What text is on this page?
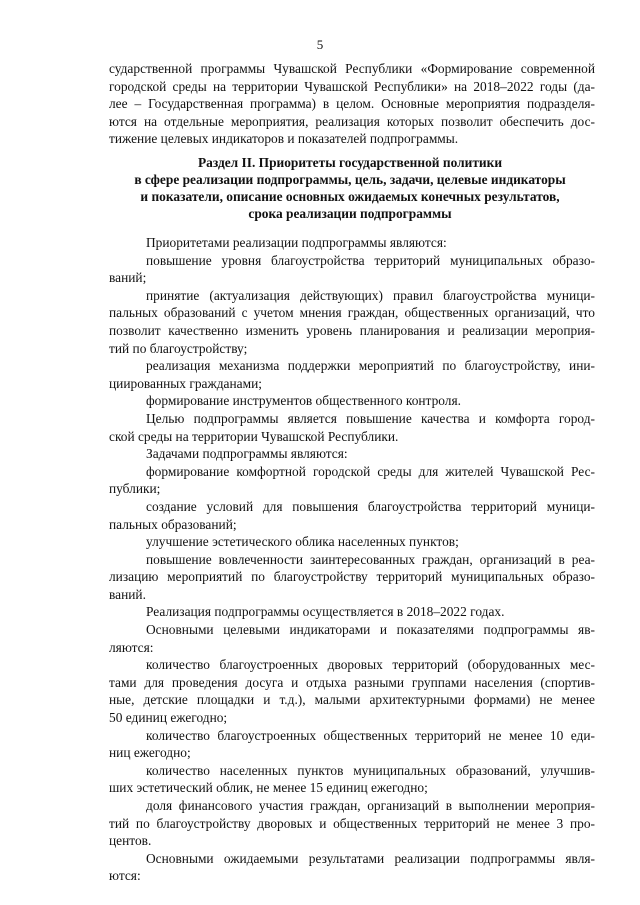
5
сударственной программы Чувашской Республики «Формирование современной
городской среды на территории Чувашской Республики» на 2018–2022 годы (да-
лее – Государственная программа) в целом. Основные мероприятия подразделя-
ются на отдельные мероприятия, реализация которых позволит обеспечить дос-
тижение целевых индикаторов и показателей подпрограммы.
Раздел II. Приоритеты государственной политики
в сфере реализации подпрограммы, цель, задачи, целевые индикаторы
и показатели, описание основных ожидаемых конечных результатов,
срока реализации подпрограммы
Приоритетами реализации подпрограммы являются:
повышение уровня благоустройства территорий муниципальных образо-
ваний;
принятие (актуализация действующих) правил благоустройства муници-
пальных образований с учетом мнения граждан, общественных организаций, что
позволит качественно изменить уровень планирования и реализации мероприя-
тий по благоустройству;
реализация механизма поддержки мероприятий по благоустройству, ини-
циированных гражданами;
формирование инструментов общественного контроля.
Целью подпрограммы является повышение качества и комфорта город-
ской среды на территории Чувашской Республики.
Задачами подпрограммы являются:
формирование комфортной городской среды для жителей Чувашской Рес-
публики;
создание условий для повышения благоустройства территорий муници-
пальных образований;
улучшение эстетического облика населенных пунктов;
повышение вовлеченности заинтересованных граждан, организаций в реа-
лизацию мероприятий по благоустройству территорий муниципальных образо-
ваний.
Реализация подпрограммы осуществляется в 2018–2022 годах.
Основными целевыми индикаторами и показателями подпрограммы яв-
ляются:
количество благоустроенных дворовых территорий (оборудованных мес-
тами для проведения досуга и отдыха разными группами населения (спортив-
ные, детские площадки и т.д.), малыми архитектурными формами) не менее
50 единиц ежегодно;
количество благоустроенных общественных территорий не менее 10 еди-
ниц ежегодно;
количество населенных пунктов муниципальных образований, улучшив-
ших эстетический облик, не менее 15 единиц ежегодно;
доля финансового участия граждан, организаций в выполнении мероприя-
тий по благоустройству дворовых и общественных территорий не менее 3 про-
центов.
Основными ожидаемыми результатами реализации подпрограммы явля-
ются:
